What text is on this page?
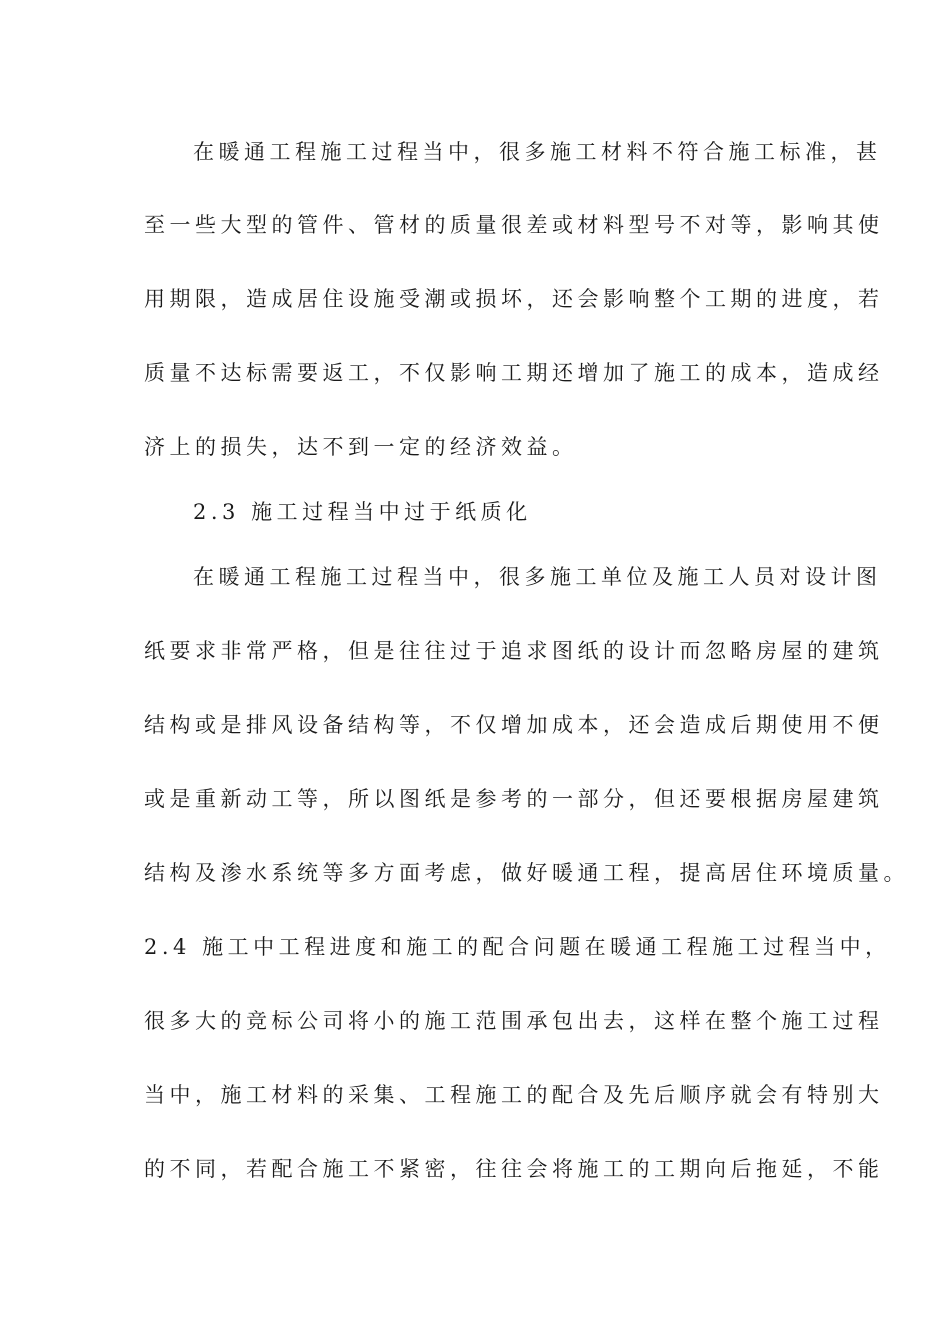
在暖通工程施工过程当中，很多施工材料不符合施工标准，甚
至一些大型的管件、管材的质量很差或材料型号不对等，影响其使
用期限，造成居住设施受潮或损坏，还会影响整个工期的进度，若
质量不达标需要返工，不仅影响工期还增加了施工的成本，造成经
济上的损失，达不到一定的经济效益。
2.3 施工过程当中过于纸质化
在暖通工程施工过程当中，很多施工单位及施工人员对设计图
纸要求非常严格，但是往往过于追求图纸的设计而忽略房屋的建筑
结构或是排风设备结构等，不仅增加成本，还会造成后期使用不便
或是重新动工等，所以图纸是参考的一部分，但还要根据房屋建筑
结构及渗水系统等多方面考虑，做好暖通工程，提高居住环境质量。
2.4 施工中工程进度和施工的配合问题在暖通工程施工过程当中，
很多大的竞标公司将小的施工范围承包出去，这样在整个施工过程
当中，施工材料的采集、工程施工的配合及先后顺序就会有特别大
的不同，若配合施工不紧密，往往会将施工的工期向后拖延，不能
